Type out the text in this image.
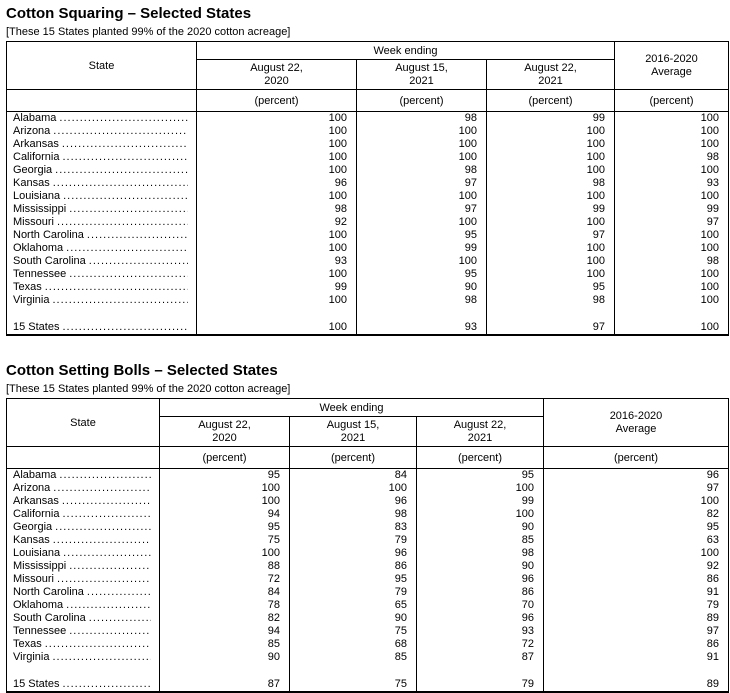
Cotton Squaring – Selected States

[These 15 States planted 99% of the 2020 cotton acreage]

State	Week ending			2016-2020
Average

August 22,
2020

August 15,
2021

August 22,
2021

	(percent)	(percent)	(percent)	(percent)

Alabama
.....	100	98	99	100

Arizona
.....	100	100	100	100

Arkansas
.....	100	100	100	100

California
.....	100	100	100	98

Georgia
.....	100	98	100	100

Kansas
.....	96	97	98	93

Louisiana
.....	100	100	100	100

Mississippi
.....	98	97	99	99

Missouri
.....	92	100	100	97

North Carolina
.....	100	95	97	100

Oklahoma
.....	100	99	100	100

South Carolina
.....	93	100	100	98

Tennessee
.....	100	95	100	100

Texas
.....	99	90	95	100

Virginia
.....	100	98	98	100

15 States
.....	100	93	97	100
Cotton Setting Bolls – Selected States

[These 15 States planted 99% of the 2020 cotton acreage]

State	Week ending			2016-2020
Average

August 22,
2020

August 15,
2021

August 22,
2021

	(percent)	(percent)	(percent)	(percent)

Alabama
.....	95	84	95	96

Arizona
.....	100	100	100	97

Arkansas
.....	100	96	99	100

California
.....	94	98	100	82

Georgia
.....	95	83	90	95

Kansas
.....	75	79	85	63

Louisiana
.....	100	96	98	100

Mississippi
.....	88	86	90	92

Missouri
.....	72	95	96	86

North Carolina
.....	84	79	86	91

Oklahoma
.....	78	65	70	79

South Carolina
.....	82	90	96	89

Tennessee
.....	94	75	93	97

Texas
.....	85	68	72	86

Virginia
.....	90	85	87	91

15 States
.....	87	75	79	89
